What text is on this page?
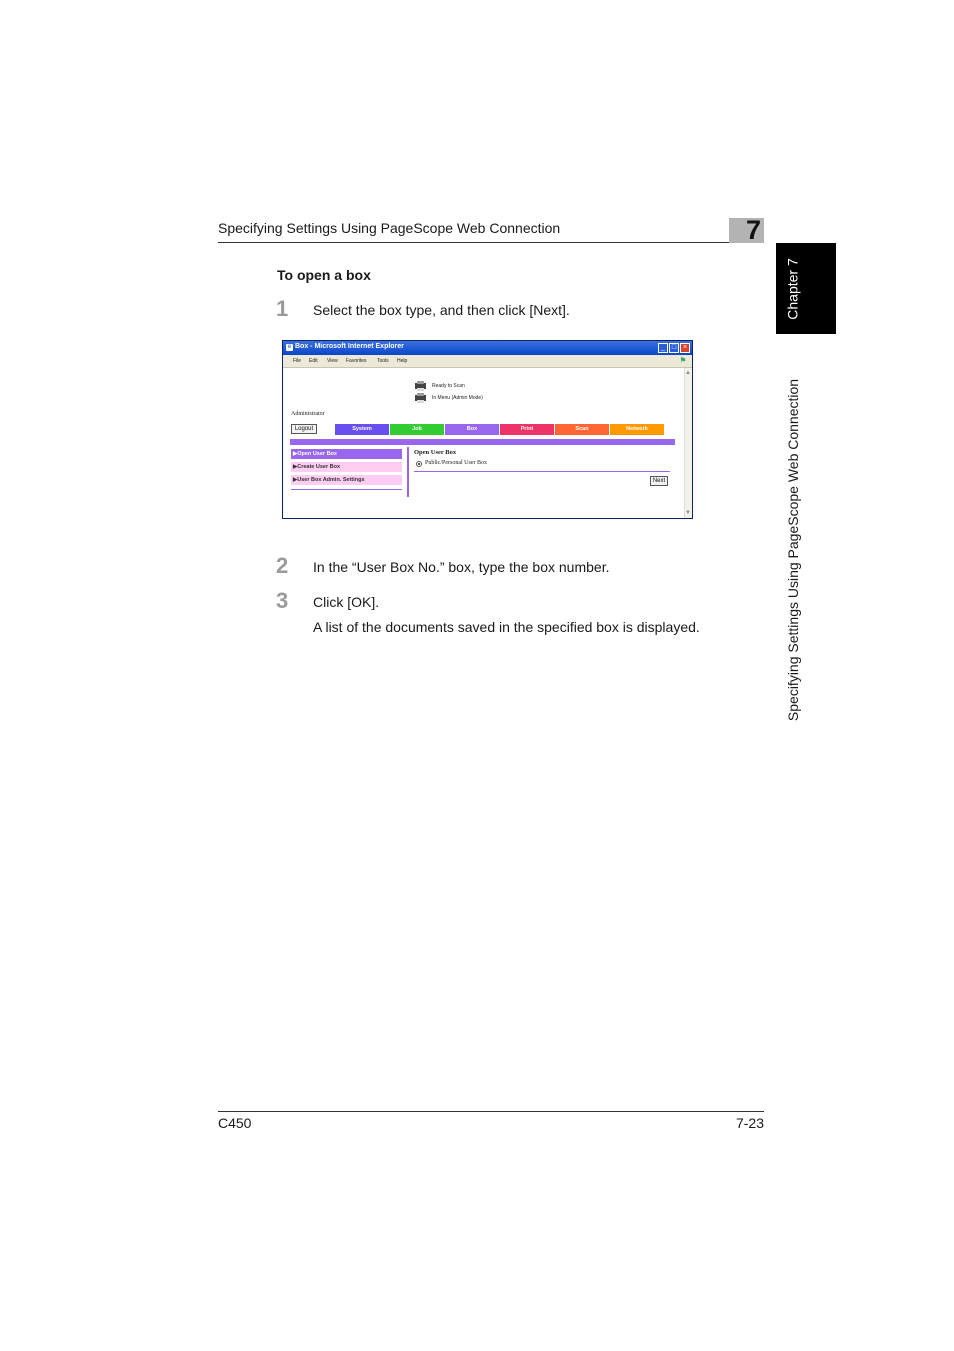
Specifying Settings Using PageScope Web Connection	7
Chapter 7
Specifying Settings Using PageScope Web Connection
To open a box
1 Select the box type, and then click [Next].
e Box - Microsoft Internet Explorer	_ □ ×
File Edit View Favorites Tools Help	⚑
▲
▼
Ready to Scan
In Menu (Admin Mode)
Administrator
Logout	System	Job	Box	Print	Scan	Network
▶Open User Box
▶Create User Box
▶User Box Admin. Settings
Open User Box
Public/Personal User Box
Next
2 In the “User Box No.” box, type the box number.
3 Click [OK].
A list of the documents saved in the specified box is displayed.
C450	7-23
